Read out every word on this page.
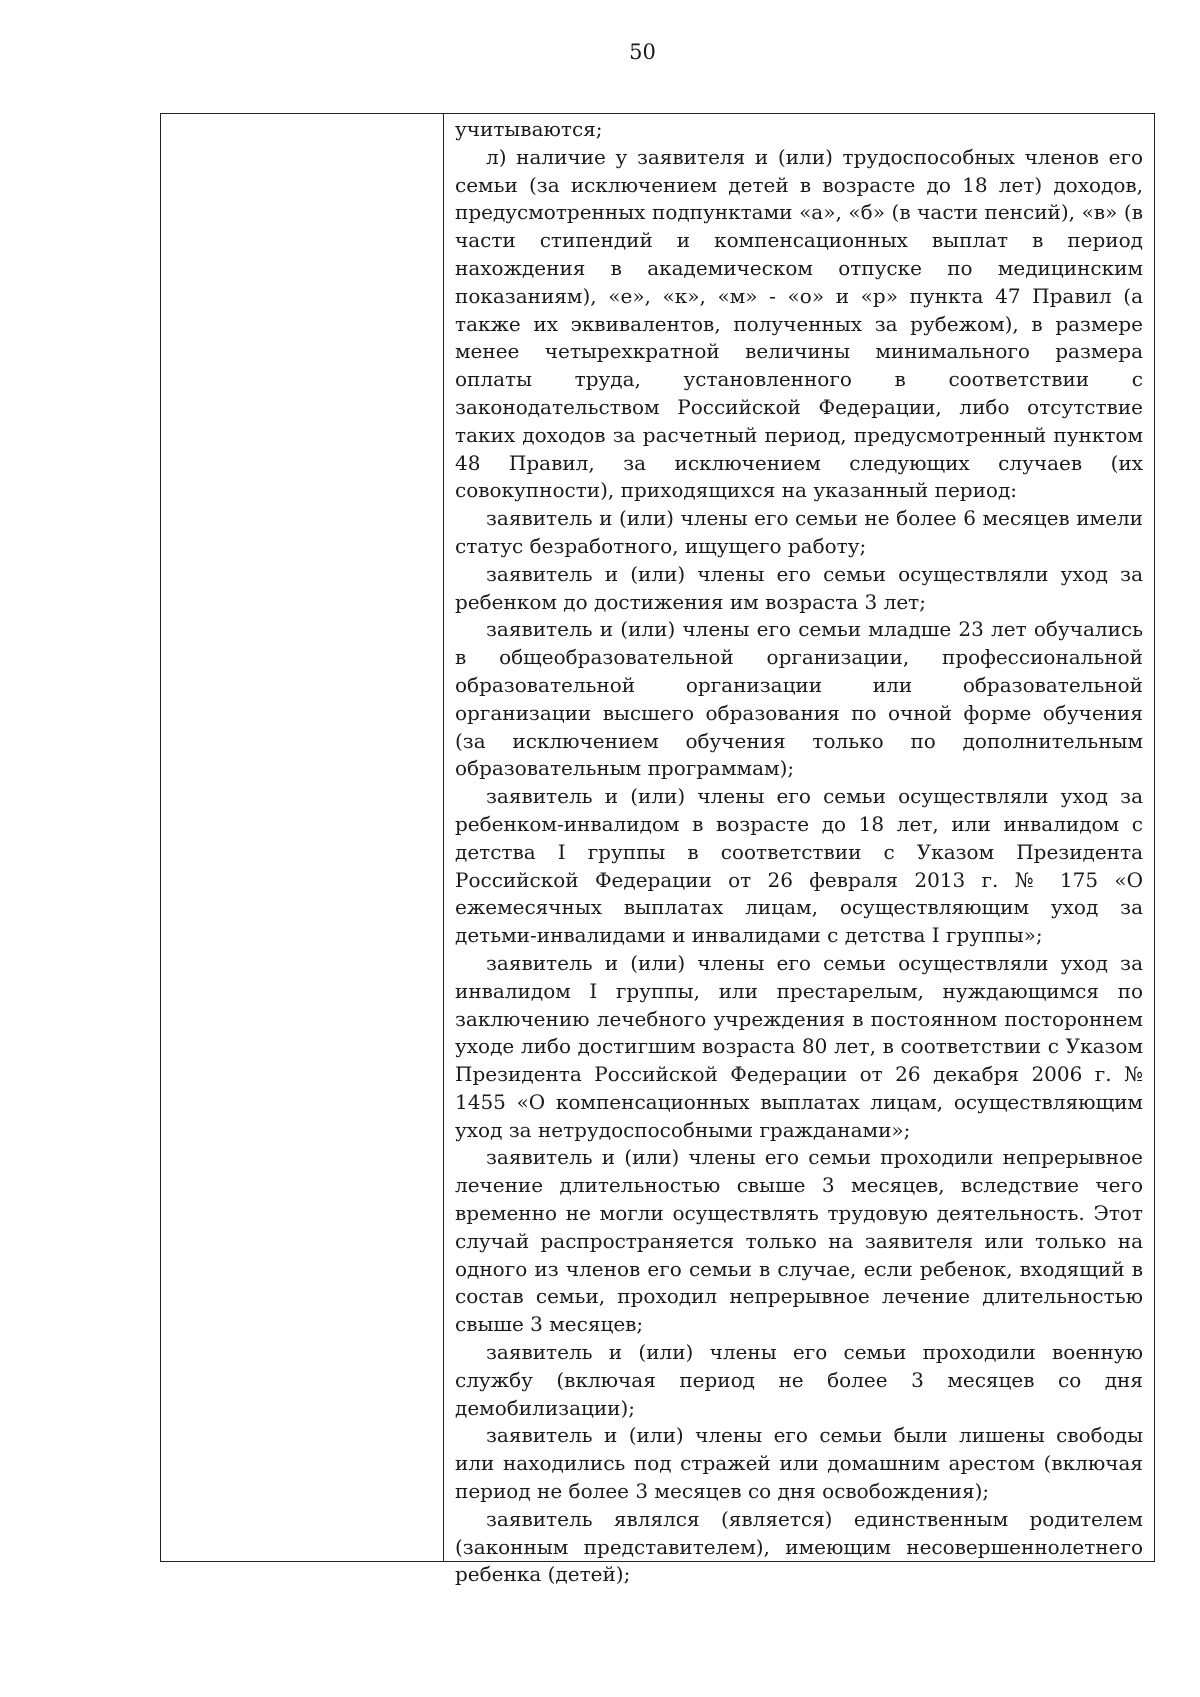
50

учитываются;

л) наличие у заявителя и (или) трудоспособных членов его семьи (за исключением детей в возрасте до 18 лет) доходов, предусмотренных подпунктами «а», «б» (в части пенсий), «в» (в части стипендий и компенсационных выплат в период нахождения в академическом отпуске по медицинским показаниям), «е», «к», «м» - «о» и «р» пункта 47 Правил (а также их эквивалентов, полученных за рубежом), в размере менее четырехкратной величины минимального размера оплаты труда, установленного в соответствии с законодательством Российской Федерации, либо отсутствие таких доходов за расчетный период, предусмотренный пунктом 48 Правил, за исключением следующих случаев (их совокупности), приходящихся на указанный период:

заявитель и (или) члены его семьи не более 6 месяцев имели статус безработного, ищущего работу;

заявитель и (или) члены его семьи осуществляли уход за ребенком до достижения им возраста 3 лет;

заявитель и (или) члены его семьи младше 23 лет обучались в общеобразовательной организации, профессиональной образовательной организации или образовательной организации высшего образования по очной форме обучения (за исключением обучения только по дополнительным образовательным программам);

заявитель и (или) члены его семьи осуществляли уход за ребенком-инвалидом в возрасте до 18 лет, или инвалидом с детства I группы в соответствии с Указом Президента Российской Федерации от 26 февраля 2013 г. № 175 «О ежемесячных выплатах лицам, осуществляющим уход за детьми-инвалидами и инвалидами с детства I группы»;

заявитель и (или) члены его семьи осуществляли уход за инвалидом I группы, или престарелым, нуждающимся по заключению лечебного учреждения в постоянном постороннем уходе либо достигшим возраста 80 лет, в соответствии с Указом Президента Российской Федерации от 26 декабря 2006 г. № 1455 «О компенсационных выплатах лицам, осуществляющим уход за нетрудоспособными гражданами»;

заявитель и (или) члены его семьи проходили непрерывное лечение длительностью свыше 3 месяцев, вследствие чего временно не могли осуществлять трудовую деятельность. Этот случай распространяется только на заявителя или только на одного из членов его семьи в случае, если ребенок, входящий в состав семьи, проходил непрерывное лечение длительностью свыше 3 месяцев;

заявитель и (или) члены его семьи проходили военную службу (включая период не более 3 месяцев со дня демобилизации);

заявитель и (или) члены его семьи были лишены свободы или находились под стражей или домашним арестом (включая период не более 3 месяцев со дня освобождения);

заявитель являлся (является) единственным родителем (законным представителем), имеющим несовершеннолетнего ребенка (детей);
